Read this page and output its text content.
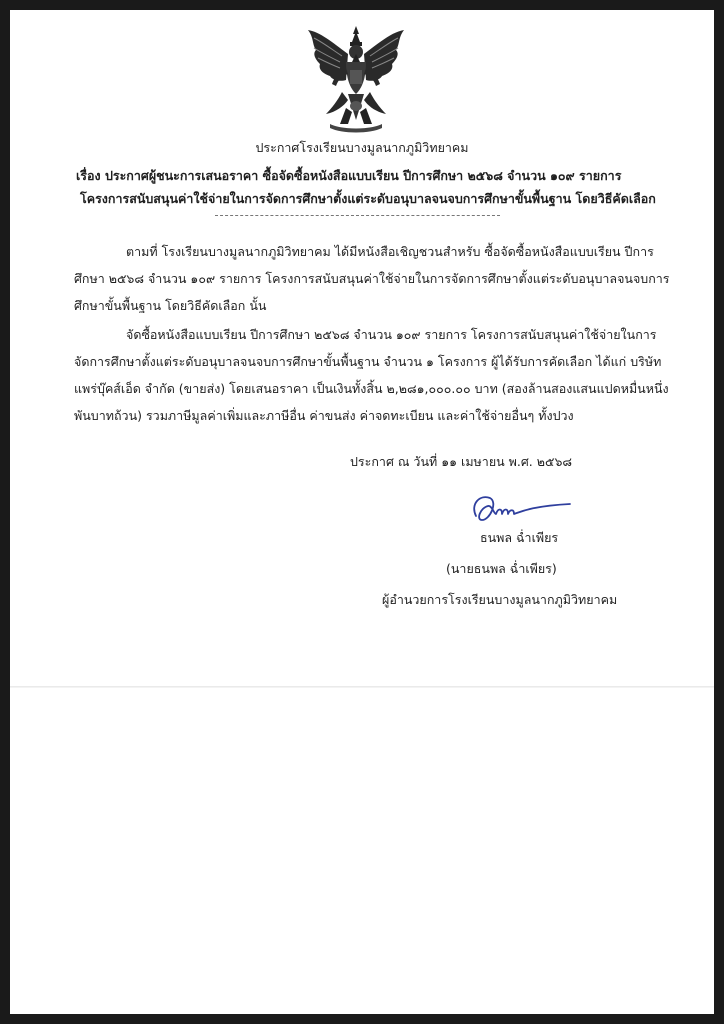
ประกาศโรงเรียนบางมูลนากภูมิวิทยาคม
เรื่อง ประกาศผู้ชนะการเสนอราคา ซื้อจัดซื้อหนังสือแบบเรียน ปีการศึกษา ๒๕๖๘ จำนวน ๑๐๙ รายการ
โครงการสนับสนุนค่าใช้จ่ายในการจัดการศึกษาตั้งแต่ระดับอนุบาลจนจบการศึกษาขั้นพื้นฐาน โดยวิธีคัดเลือก
ตามที่ โรงเรียนบางมูลนากภูมิวิทยาคม ได้มีหนังสือเชิญชวนสำหรับ ซื้อจัดซื้อหนังสือแบบเรียน ปีการ
ศึกษา ๒๕๖๘ จำนวน ๑๐๙ รายการ โครงการสนับสนุนค่าใช้จ่ายในการจัดการศึกษาตั้งแต่ระดับอนุบาลจนจบการ
ศึกษาขั้นพื้นฐาน โดยวิธีคัดเลือก นั้น
จัดซื้อหนังสือแบบเรียน ปีการศึกษา ๒๕๖๘ จำนวน ๑๐๙ รายการ โครงการสนับสนุนค่าใช้จ่ายในการ
จัดการศึกษาตั้งแต่ระดับอนุบาลจนจบการศึกษาขั้นพื้นฐาน จำนวน ๑ โครงการ ผู้ได้รับการคัดเลือก ได้แก่ บริษัท
แพร่บุ๊คส์เอ็ด จำกัด (ขายส่ง) โดยเสนอราคา เป็นเงินทั้งสิ้น ๒,๒๘๑,๐๐๐.๐๐ บาท (สองล้านสองแสนแปดหมื่นหนึ่ง
พันบาทถ้วน) รวมภาษีมูลค่าเพิ่มและภาษีอื่น ค่าขนส่ง ค่าจดทะเบียน และค่าใช้จ่ายอื่นๆ ทั้งปวง
ประกาศ ณ วันที่ ๑๑ เมษายน พ.ศ. ๒๕๖๘
ธนพล ฉ่ำเพียร
(นายธนพล ฉ่ำเพียร)
ผู้อำนวยการโรงเรียนบางมูลนากภูมิวิทยาคม
